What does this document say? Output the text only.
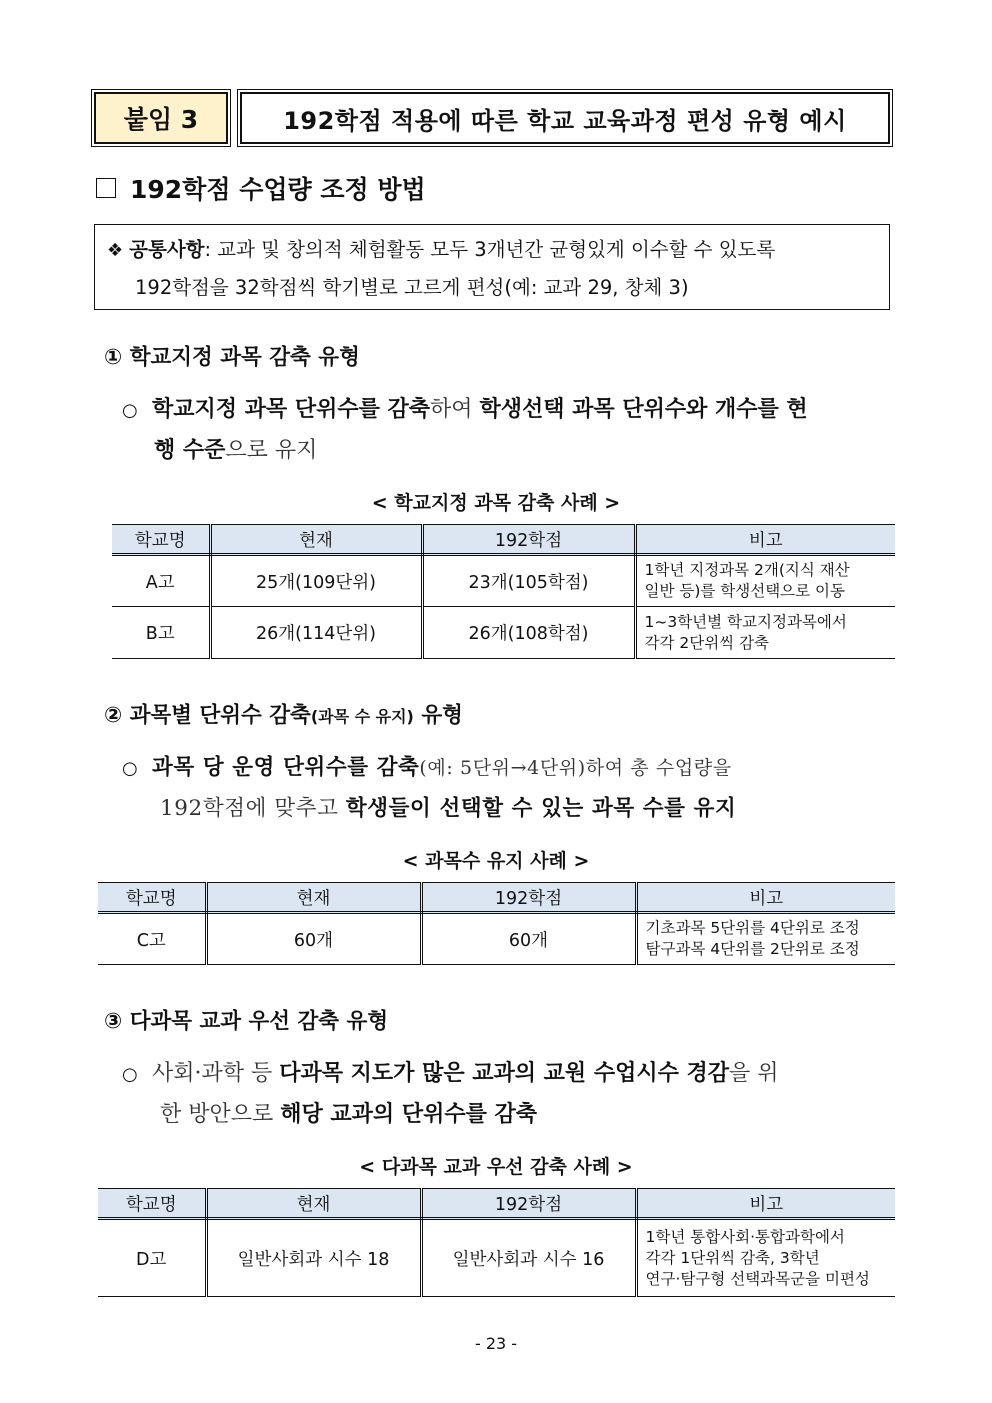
붙임 3	192학점 적용에 따른 학교 교육과정 편성 유형 예시
192학점 수업량 조정 방법
❖ 공통사항: 교과 및 창의적 체험활동 모두 3개년간 균형있게 이수할 수 있도록
192학점을 32학점씩 학기별로 고르게 편성(예: 교과 29, 창체 3)
① 학교지정 과목 감축 유형
○ 학교지정 과목 단위수를 감축하여 학생선택 과목 단위수와 개수를 현
행 수준으로 유지
< 학교지정 과목 감축 사례 >
학교명	현재	192학점	비고
A고	25개(109단위)	23개(105학점)	1학년 지정과목 2개(지식 재산
일반 등)를 학생선택으로 이동

B고	26개(114단위)	26개(108학점)	1~3학년별 학교지정과목에서
각각 2단위씩 감축
② 과목별 단위수 감축(과목 수 유지) 유형
○ 과목 당 운영 단위수를 감축(예: 5단위→4단위)하여 총 수업량을
192학점에 맞추고 학생들이 선택할 수 있는 과목 수를 유지
< 과목수 유지 사례 >
학교명	현재	192학점	비고
C고	60개	60개	기초과목 5단위를 4단위로 조정
탐구과목 4단위를 2단위로 조정
③ 다과목 교과 우선 감축 유형
○ 사회·과학 등 다과목 지도가 많은 교과의 교원 수업시수 경감을 위
한 방안으로 해당 교과의 단위수를 감축
< 다과목 교과 우선 감축 사례 >
학교명	현재	192학점	비고
D고	일반사회과 시수 18	일반사회과 시수 16	1학년 통합사회·통합과학에서
각각 1단위씩 감축, 3학년
연구·탐구형 선택과목군을 미편성
- 23 -
